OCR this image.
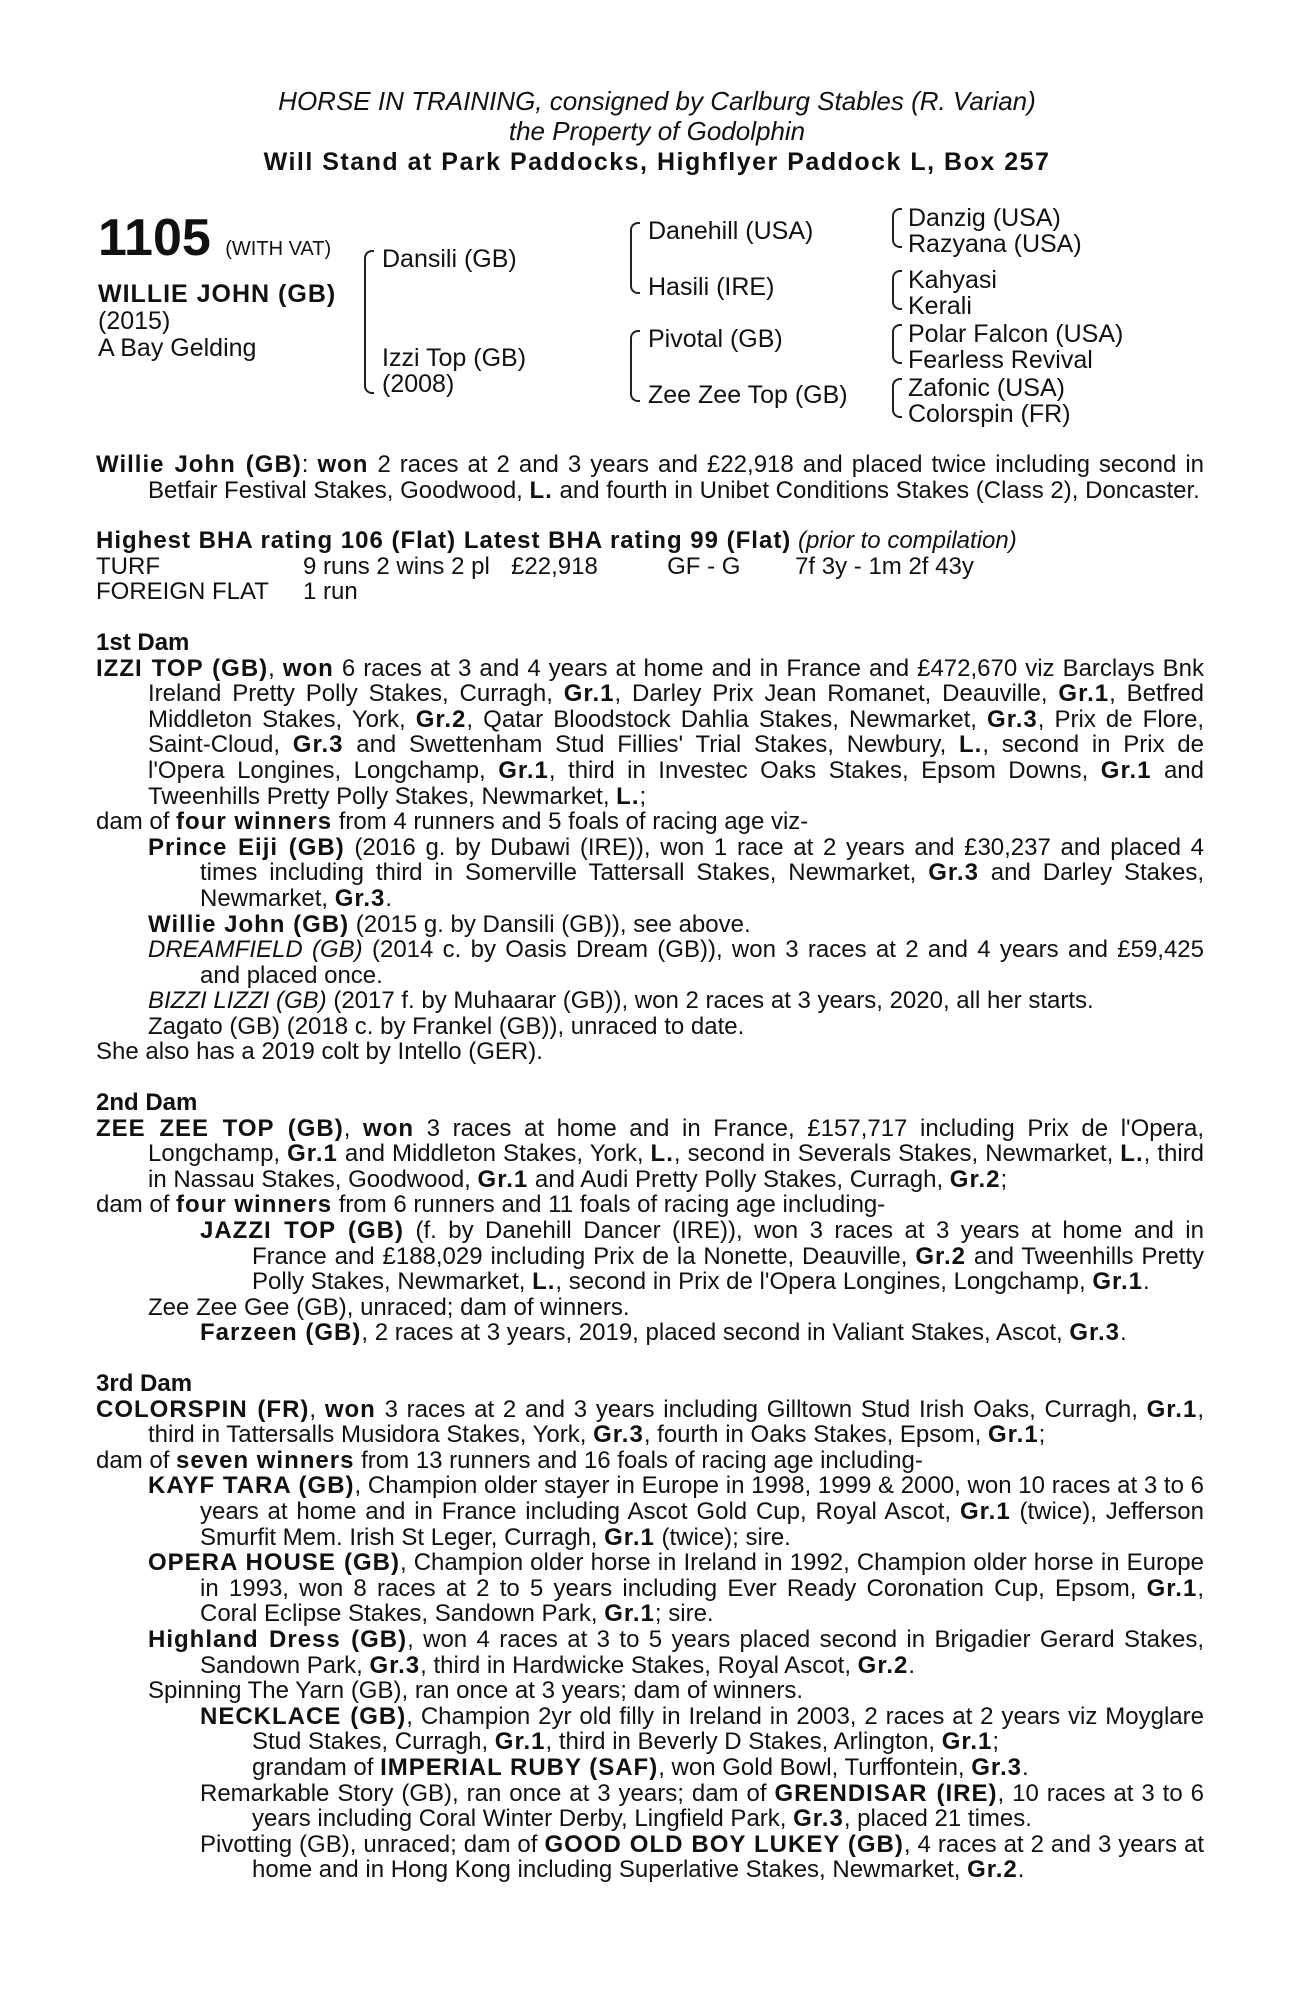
HORSE IN TRAINING, consigned by Carlburg Stables (R. Varian)
the Property of Godolphin
Will Stand at Park Paddocks, Highflyer Paddock L, Box 257
1105 (WITH VAT)
WILLIE JOHN (GB)
(2015)
A Bay Gelding
Dansili (GB)
Izzi Top (GB)
(2008)
Danehill (USA)
Hasili (IRE)
Pivotal (GB)
Zee Zee Top (GB)
Danzig (USA)
Razyana (USA)
Kahyasi
Kerali
Polar Falcon (USA)
Fearless Revival
Zafonic (USA)
Colorspin (FR)

Willie John (GB): won 2 races at 2 and 3 years and £22,918 and placed twice including second in Betfair Festival Stakes, Goodwood, L. and fourth in Unibet Conditions Stakes (Class 2), Doncaster.

Highest BHA rating 106 (Flat) Latest BHA rating 99 (Flat) (prior to compilation)

TURF	9 runs 2 wins 2 pl £22,918	GF - G 7f 3y - 1m 2f 43y

FOREIGN FLAT 1 run

1st Dam

IZZI TOP (GB), won 6 races at 3 and 4 years at home and in France and £472,670 viz Barclays Bnk Ireland Pretty Polly Stakes, Curragh, Gr.1, Darley Prix Jean Romanet, Deauville, Gr.1, Betfred Middleton Stakes, York, Gr.2, Qatar Bloodstock Dahlia Stakes, Newmarket, Gr.3, Prix de Flore, Saint-Cloud, Gr.3 and Swettenham Stud Fillies' Trial Stakes, Newbury, L., second in Prix de l'Opera Longines, Longchamp, Gr.1, third in Investec Oaks Stakes, Epsom Downs, Gr.1 and Tweenhills Pretty Polly Stakes, Newmarket, L.;

dam of four winners from 4 runners and 5 foals of racing age viz-

Prince Eiji (GB) (2016 g. by Dubawi (IRE)), won 1 race at 2 years and £30,237 and placed 4 times including third in Somerville Tattersall Stakes, Newmarket, Gr.3 and Darley Stakes, Newmarket, Gr.3.

Willie John (GB) (2015 g. by Dansili (GB)), see above.

DREAMFIELD (GB) (2014 c. by Oasis Dream (GB)), won 3 races at 2 and 4 years and £59,425 and placed once.

BIZZI LIZZI (GB) (2017 f. by Muhaarar (GB)), won 2 races at 3 years, 2020, all her starts.

Zagato (GB) (2018 c. by Frankel (GB)), unraced to date.

She also has a 2019 colt by Intello (GER).

2nd Dam

ZEE ZEE TOP (GB), won 3 races at home and in France, £157,717 including Prix de l'Opera, Longchamp, Gr.1 and Middleton Stakes, York, L., second in Severals Stakes, Newmarket, L., third in Nassau Stakes, Goodwood, Gr.1 and Audi Pretty Polly Stakes, Curragh, Gr.2;

dam of four winners from 6 runners and 11 foals of racing age including-

JAZZI TOP (GB) (f. by Danehill Dancer (IRE)), won 3 races at 3 years at home and in France and £188,029 including Prix de la Nonette, Deauville, Gr.2 and Tweenhills Pretty Polly Stakes, Newmarket, L., second in Prix de l'Opera Longines, Longchamp, Gr.1.

Zee Zee Gee (GB), unraced; dam of winners.

Farzeen (GB), 2 races at 3 years, 2019, placed second in Valiant Stakes, Ascot, Gr.3.

3rd Dam

COLORSPIN (FR), won 3 races at 2 and 3 years including Gilltown Stud Irish Oaks, Curragh, Gr.1, third in Tattersalls Musidora Stakes, York, Gr.3, fourth in Oaks Stakes, Epsom, Gr.1;

dam of seven winners from 13 runners and 16 foals of racing age including-

KAYF TARA (GB), Champion older stayer in Europe in 1998, 1999 & 2000, won 10 races at 3 to 6 years at home and in France including Ascot Gold Cup, Royal Ascot, Gr.1 (twice), Jefferson Smurfit Mem. Irish St Leger, Curragh, Gr.1 (twice); sire.

OPERA HOUSE (GB), Champion older horse in Ireland in 1992, Champion older horse in Europe in 1993, won 8 races at 2 to 5 years including Ever Ready Coronation Cup, Epsom, Gr.1, Coral Eclipse Stakes, Sandown Park, Gr.1; sire.

Highland Dress (GB), won 4 races at 3 to 5 years placed second in Brigadier Gerard Stakes, Sandown Park, Gr.3, third in Hardwicke Stakes, Royal Ascot, Gr.2.

Spinning The Yarn (GB), ran once at 3 years; dam of winners.

NECKLACE (GB), Champion 2yr old filly in Ireland in 2003, 2 races at 2 years viz Moyglare Stud Stakes, Curragh, Gr.1, third in Beverly D Stakes, Arlington, Gr.1;
grandam of IMPERIAL RUBY (SAF), won Gold Bowl, Turffontein, Gr.3.

Remarkable Story (GB), ran once at 3 years; dam of GRENDISAR (IRE), 10 races at 3 to 6 years including Coral Winter Derby, Lingfield Park, Gr.3, placed 21 times.

Pivotting (GB), unraced; dam of GOOD OLD BOY LUKEY (GB), 4 races at 2 and 3 years at home and in Hong Kong including Superlative Stakes, Newmarket, Gr.2.
